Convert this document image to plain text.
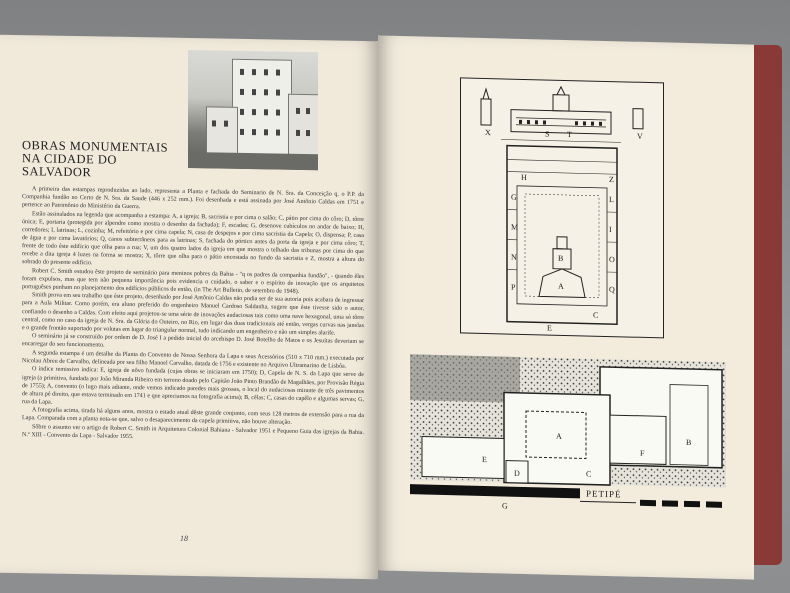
OBRAS MONUMENTAIS NA CIDADE DO SALVADOR

A primeira das estampas reproduzidas ao lado, representa a Planta e fachada do Seminario de N. Sra. da Conceição q. o P.P. da Companhia fundão no Certo de N. Sra. da Saude (446 x 252 mm.). Foi desenhada e está assinada por José Antônio Caldas em 1751 e pertence ao Patrimônio do Ministério da Guerra.

Estão assinalados na legenda que acompanha a estampa: A, a igreja; B, sacristia e por cima o salão; C, pátio por cima do côro; D, tôrre única; E, portaria (protegida por alpendre como mostra o desenho da fachada); F, escadas; G, desenove cubículos no andar de baixo; H, corredores; I, latrinas; L, cozinha; M, refeitório e por cima capela; N, casa de despejos e por cima sacristia da Capela; O, dispensa; P, casa de água e por cima lavatórios; Q, canos subterrâneos para as latrinas; S, fachada do pórtico antes da porta da igreja e por cima côro; T, frente de todo êste edifício que olha para a rua; V, um dos quatro lados da igreja em que mostra o telhado das tribunas por cima do que recebe a dita igreja 4 luzes na forma se mostra; X, tôrre que olha para o pátio encostada no fundo da sacristia e Z, mostra a altura do sobrado do presente edifício.

Robert C. Smith estudou êste projeto de seminário para meninos pobres da Bahia - "q os padres da companhia fundão", - quando êles foram expulsos, mas que tem não pequena importância pois evidencia o cuidado, o saber e o espírito de inovação que os arquitetos portuguêses punham no planejamento dos edifícios públicos de então, (in The Art Bulletin, de setembro de 1948).

Smith prova em seu trabalho que êste projeto, desenhado por José Antônio Caldas não podia ser de sua autoria pois acabara de ingressar para a Aula Militar. Como porém, era aluno preferido do engenheiro Manuel Cardoso Saldanha, sugere que êste tivesse sido o autor, confiando o desenho a Caldas. Com efeito aqui projetou-se uma série de inovações audaciosas tais como uma nave hexagonal, uma só tôrre central, como no caso da igreja de N. Sra. da Glória do Outeiro, no Rio, em lugar das duas tradicionais até então, vergas curvas nas janelas e o grande frontão suportado por volutas em lugar do triangular normal, tudo indicando um engenheiro e não um simples alarife.

O seminário já se construído por ordem de D. José I a pedido inicial do arcebispo D. José Botelho de Matos e os Jesuítas deveriam se encarregar do seu funcionamento.

A segunda estampa é um detalhe da Planta do Convento de Nossa Senhora da Lapa e seus Acessórios (510 x 710 mm.) executada por Nicolau Abreu de Carvalho, delineada por seu filho Manoel Carvalho, datada de 1756 e existente no Arquivo Ultramarino de Lisbôa.

O índice remissivo indica: E, igreja de nôvo fundada (cujas obras se iniciaram em 1750); D, Capela de N. S. da Lapa que serve de igreja (a primitiva, fundada por João Miranda Ribeiro em terreno doado pelo Capitão João Pinto Brandão de Magalhães, por Provisão Régia de 1755); A, convento (o lugo mais adiante, onde vemos indicado paredes mais grossas, o local do audaciosas mirante de três pavimentos de altura pé direito, que estava terminado em 1741 e que apreciamos na fotografia acima); B, cêlas; C, casas do capêlo e algumas servas; G, rua da Lapa.

A fotografia acima, tirada há alguns anos, mostra o estado atual dêste grande conjunto, com seus 128 metros de extensão para a rua da Lapa. Comparada com a planta nota-se que, salvo o desaparecimento da capela primitiva, não houve alteração.

Sôbre o assunto ver o artigo de Robert C. Smith in Arquitetura Colonial Bahiana - Salvador 1951 e Pequeno Guia das igrejas da Bahia. N.º XIII - Convento da Lapa - Salvador 1955.

18
S T	V
X
B
A
C
E
G
H
I
L
M
N	O
P	Q
Z
A
B
C
D
E
F
G
PETIPÉ
